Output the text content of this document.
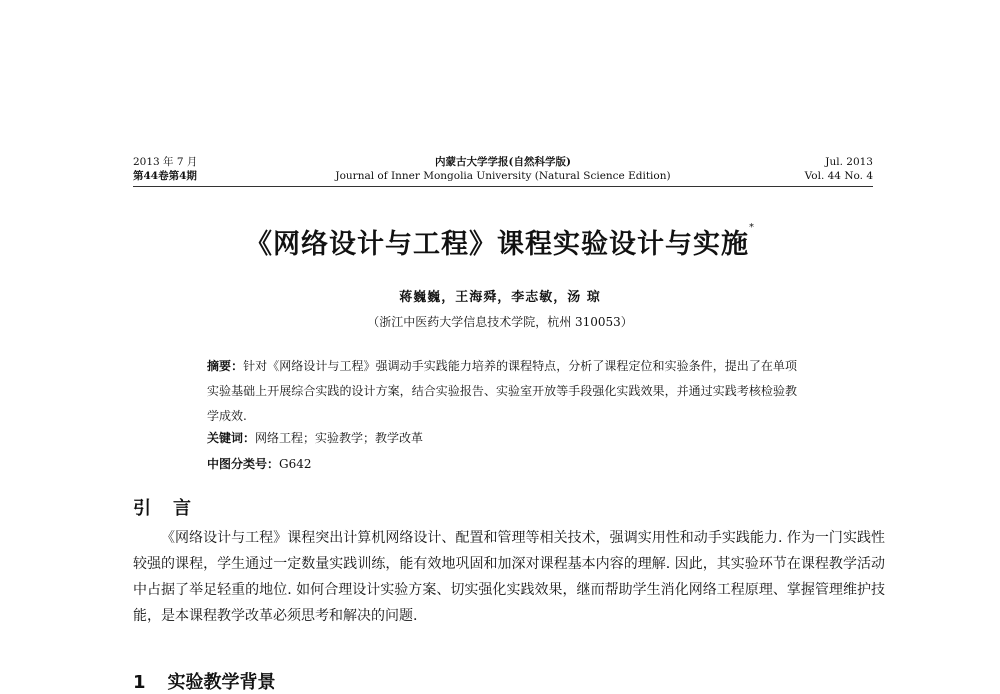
2013 年 7 月
第44卷第4期
内蒙古大学学报(自然科学版)
Journal of Inner Mongolia University (Natural Science Edition)
Jul. 2013
Vol. 44 No. 4
《网络设计与工程》课程实验设计与实施*
蒋巍巍，王海舜，李志敏，汤 琼
（浙江中医药大学信息技术学院，杭州 310053）
摘要：针对《网络设计与工程》强调动手实践能力培养的课程特点，分析了课程定位和实验条件，提出了在单项实验基础上开展综合实践的设计方案，结合实验报告、实验室开放等手段强化实践效果，并通过实践考核检验教学成效.
关键词：网络工程；实验教学；教学改革
中图分类号：G642
引言
《网络设计与工程》课程突出计算机网络设计、配置和管理等相关技术，强调实用性和动手实践能力. 作为一门实践性较强的课程，学生通过一定数量实践训练，能有效地巩固和加深对课程基本内容的理解. 因此，其实验环节在课程教学活动中占据了举足轻重的地位. 如何合理设计实验方案、切实强化实践效果，继而帮助学生消化网络工程原理、掌握管理维护技能，是本课程教学改革必须思考和解决的问题.
1 实验教学背景
